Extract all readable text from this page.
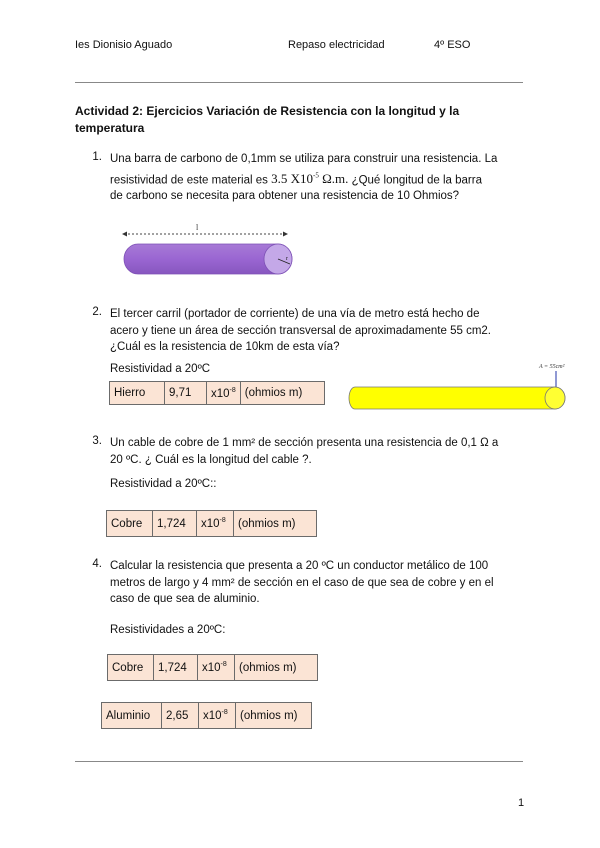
Ies Dionisio Aguado	Repaso electricidad	4º ESO
Actividad 2: Ejercicios Variación de Resistencia con la longitud y la temperatura
1. Una barra de carbono de 0,1mm se utiliza para construir una resistencia. La
resistividad de este material es 3.5 $X10^{-5}$ Ω.m. ¿Qué longitud de la barra
de carbono se necesita para obtener una resistencia de 10 Ohmios?
l
r
2. El tercer carril (portador de corriente) de una vía de metro está hecho de
acero y tiene un área de sección transversal de aproximadamente 55 cm2.
¿Cuál es la resistencia de 10km de esta vía?
Resistividad a 20ºC
Hierro	9,71	$x10^{-8}$	(ohmios m)
A = 55cm²
3. Un cable de cobre de 1 mm² de sección presenta una resistencia de 0,1 Ω a
20 ºC. ¿ Cuál es la longitud del cable ?.
Resistividad a 20ºC::
Cobre	1,724	$x10^{-8}$	(ohmios m)
4. Calcular la resistencia que presenta a 20 ºC un conductor metálico de 100
metros de largo y 4 mm² de sección en el caso de que sea de cobre y en el
caso de que sea de aluminio.
Resistividades a 20ºC:
Cobre	1,724	$x10^{-8}$	(ohmios m)
Aluminio	2,65	$x10^{-8}$	(ohmios m)
1
